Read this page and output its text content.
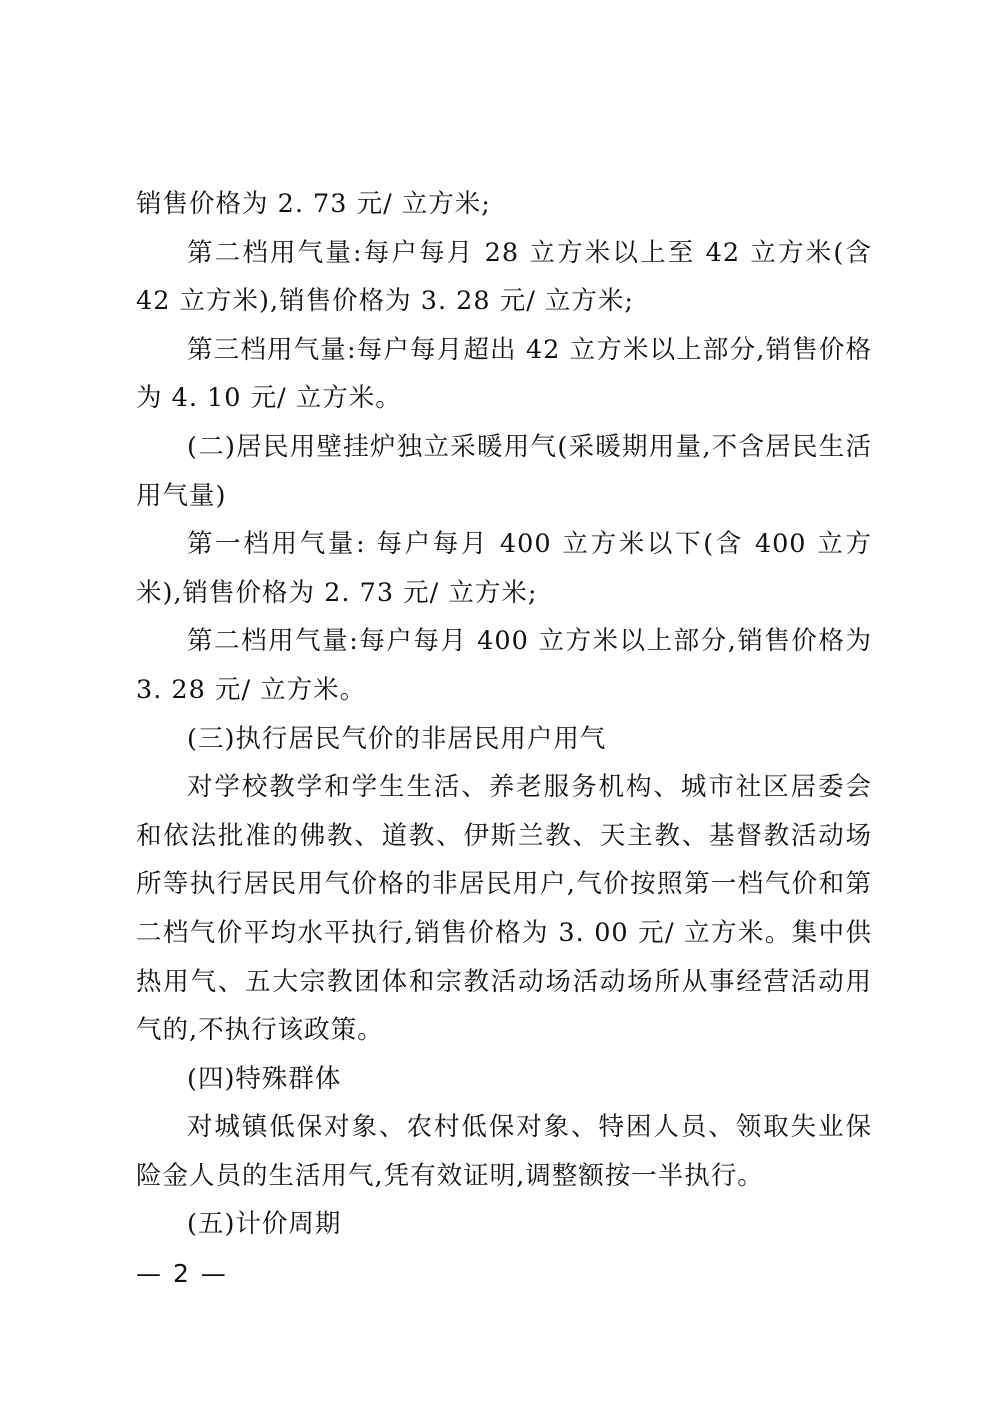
销售价格为 2. 73 元/ 立方米;

第二档用气量:每户每月 28 立方米以上至 42 立方米(含 42 立方米),销售价格为 3. 28 元/ 立方米;

第三档用气量:每户每月超出 42 立方米以上部分,销售价格为 4. 10 元/ 立方米。

(二)居民用壁挂炉独立采暖用气(采暖期用量,不含居民生活用气量)

第一档用气量: 每户每月 400 立方米以下(含 400 立方米),销售价格为 2. 73 元/ 立方米;

第二档用气量:每户每月 400 立方米以上部分,销售价格为 3. 28 元/ 立方米。

(三)执行居民气价的非居民用户用气

对学校教学和学生生活、养老服务机构、城市社区居委会和依法批准的佛教、道教、伊斯兰教、天主教、基督教活动场所等执行居民用气价格的非居民用户,气价按照第一档气价和第二档气价平均水平执行,销售价格为 3. 00 元/ 立方米。集中供热用气、五大宗教团体和宗教活动场活动场所从事经营活动用气的,不执行该政策。

(四)特殊群体

对城镇低保对象、农村低保对象、特困人员、领取失业保险金人员的生活用气,凭有效证明,调整额按一半执行。

(五)计价周期

— 2 —
